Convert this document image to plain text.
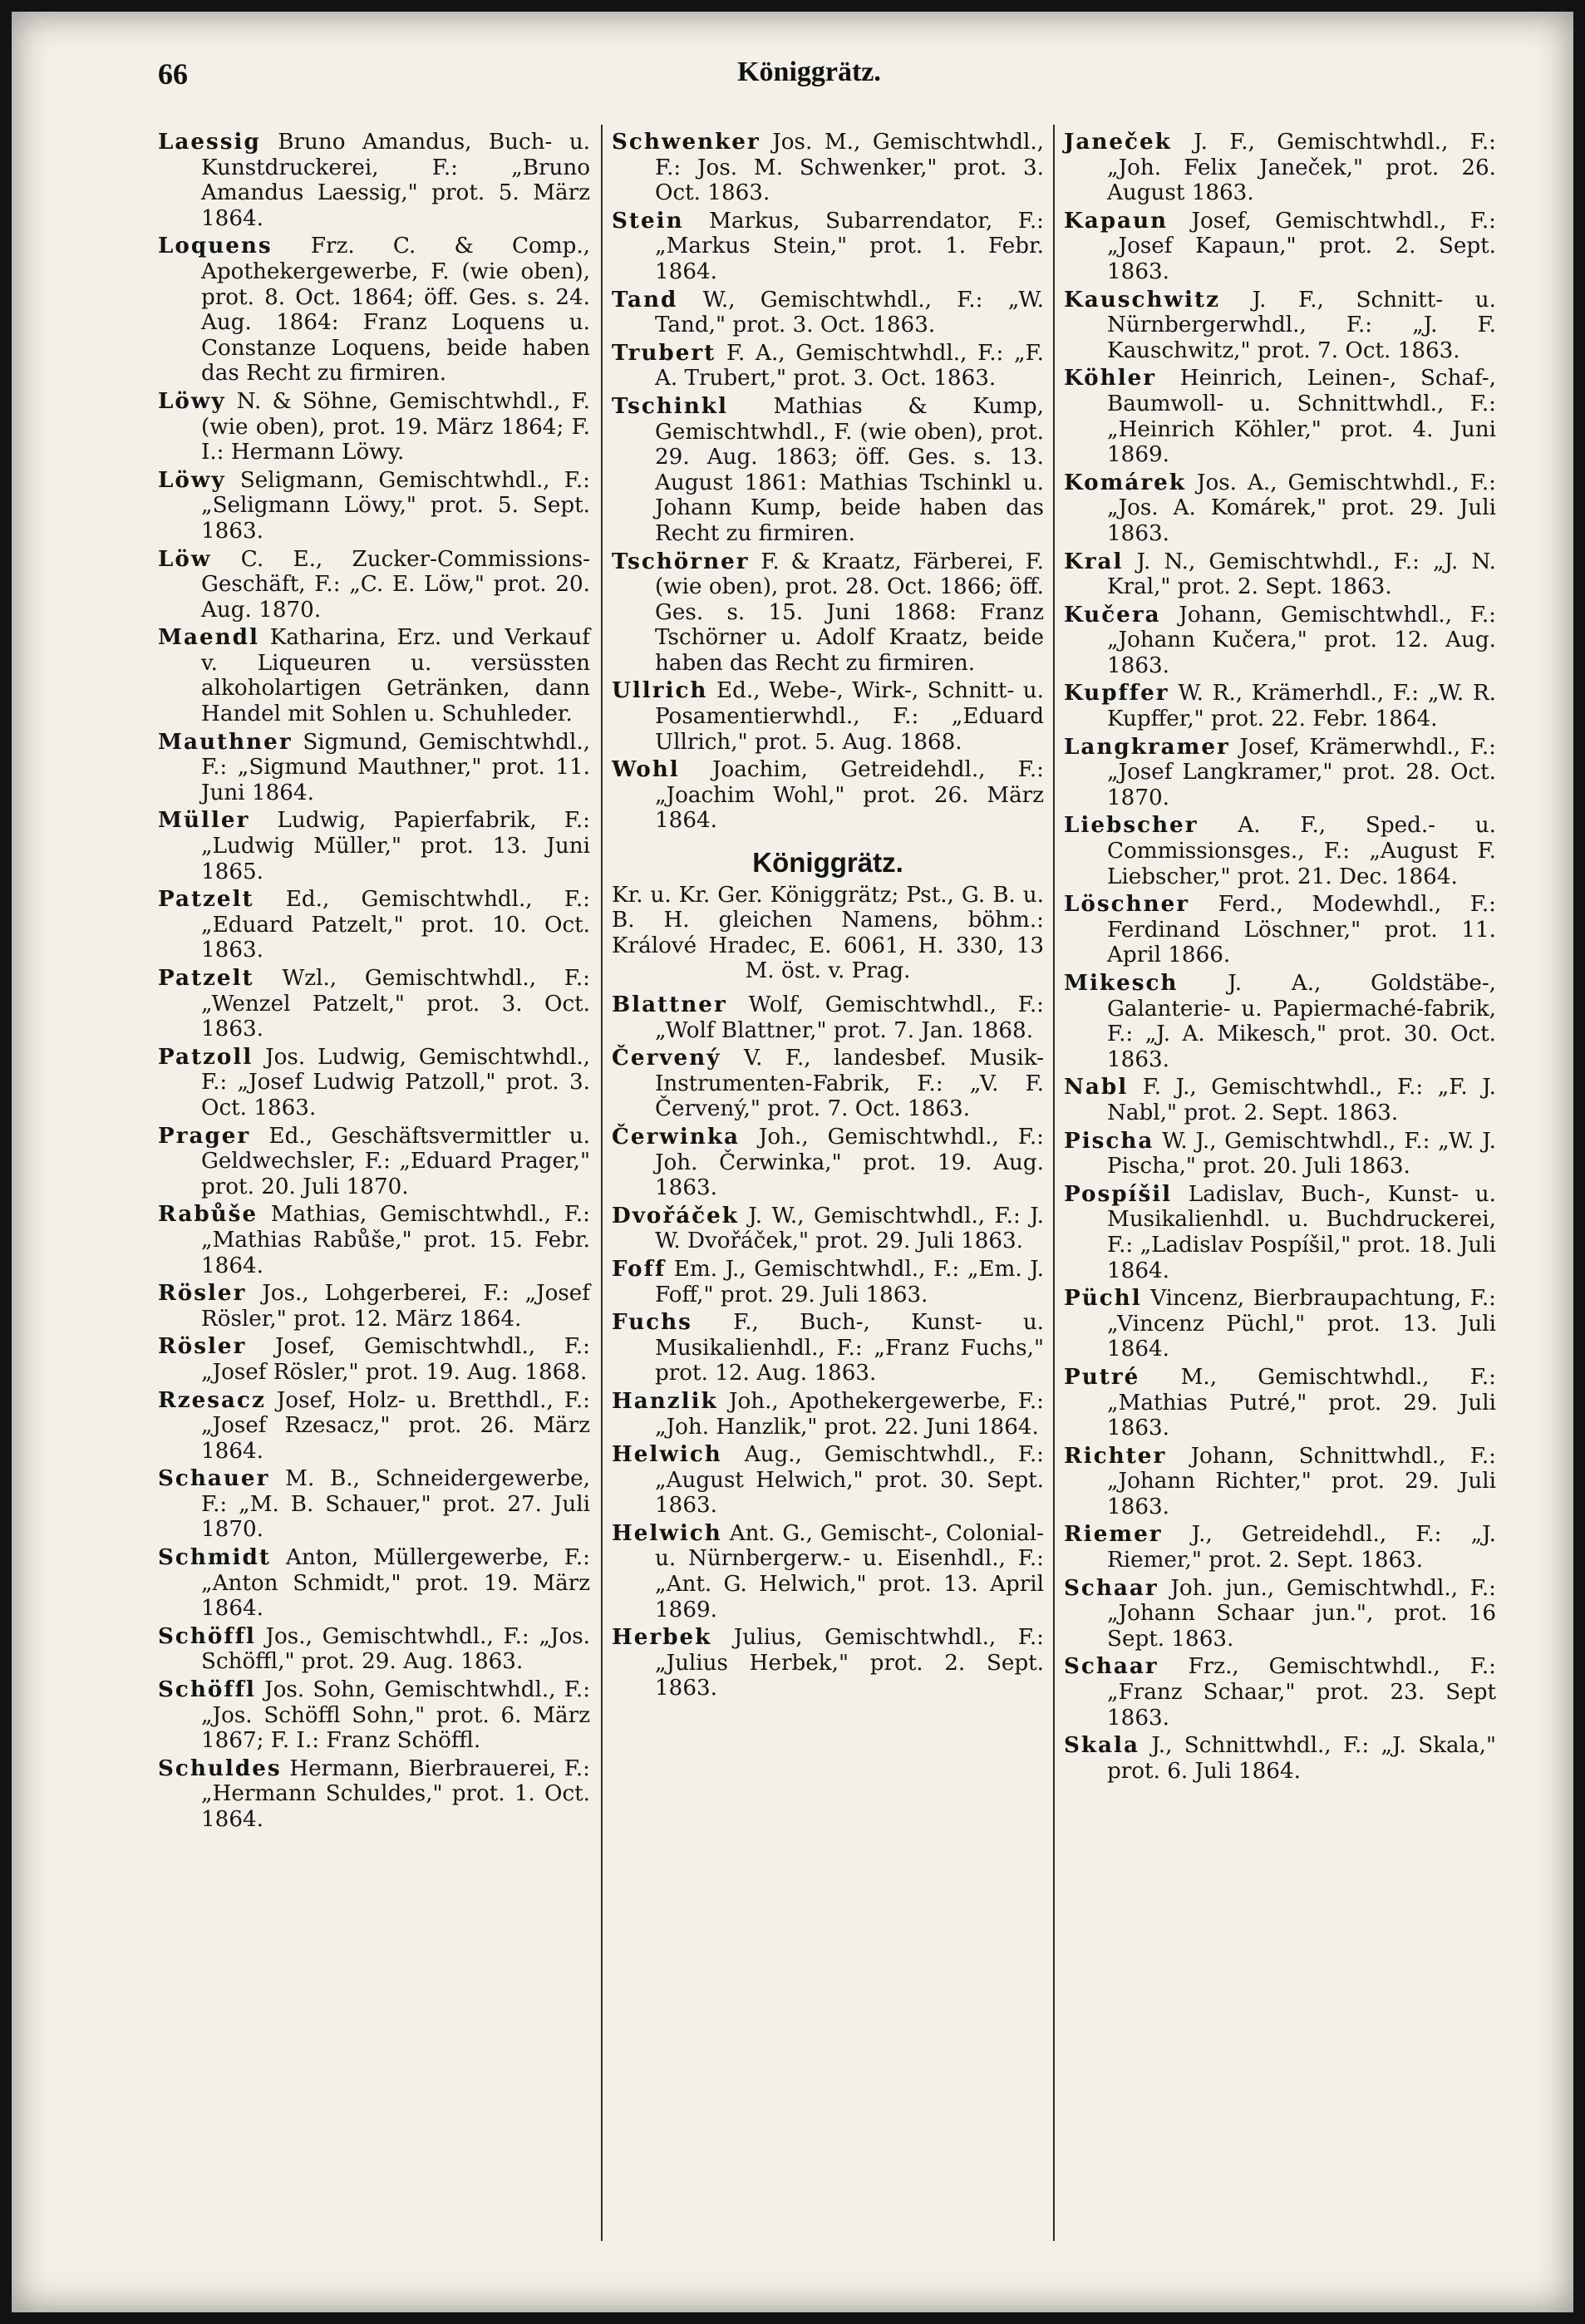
66	Königgrätz.

Laessig Bruno Amandus, Buch- u. Kunstdruckerei, F.: „Bruno Amandus Laessig," prot. 5. März 1864.

Loquens Frz. C. & Comp., Apothekergewerbe, F. (wie oben), prot. 8. Oct. 1864; öff. Ges. s. 24. Aug. 1864: Franz Loquens u. Constanze Loquens, beide haben das Recht zu firmiren.

Löwy N. & Söhne, Gemischtwhdl., F. (wie oben), prot. 19. März 1864; F. I.: Hermann Löwy.

Löwy Seligmann, Gemischtwhdl., F.: „Seligmann Löwy," prot. 5. Sept. 1863.

Löw C. E., Zucker-Commissions-Geschäft, F.: „C. E. Löw," prot. 20. Aug. 1870.

Maendl Katharina, Erz. und Verkauf v. Liqueuren u. versüssten alkoholartigen Getränken, dann Handel mit Sohlen u. Schuhleder.

Mauthner Sigmund, Gemischtwhdl., F.: „Sigmund Mauthner," prot. 11. Juni 1864.

Müller Ludwig, Papierfabrik, F.: „Ludwig Müller," prot. 13. Juni 1865.

Patzelt Ed., Gemischtwhdl., F.: „Eduard Patzelt," prot. 10. Oct. 1863.

Patzelt Wzl., Gemischtwhdl., F.: „Wenzel Patzelt," prot. 3. Oct. 1863.

Patzoll Jos. Ludwig, Gemischtwhdl., F.: „Josef Ludwig Patzoll," prot. 3. Oct. 1863.

Prager Ed., Geschäftsvermittler u. Geldwechsler, F.: „Eduard Prager," prot. 20. Juli 1870.

Rabůše Mathias, Gemischtwhdl., F.: „Mathias Rabůše," prot. 15. Febr. 1864.

Rösler Jos., Lohgerberei, F.: „Josef Rösler," prot. 12. März 1864.

Rösler Josef, Gemischtwhdl., F.: „Josef Rösler," prot. 19. Aug. 1868.

Rzesacz Josef, Holz- u. Bretthdl., F.: „Josef Rzesacz," prot. 26. März 1864.

Schauer M. B., Schneidergewerbe, F.: „M. B. Schauer," prot. 27. Juli 1870.

Schmidt Anton, Müllergewerbe, F.: „Anton Schmidt," prot. 19. März 1864.

Schöffl Jos., Gemischtwhdl., F.: „Jos. Schöffl," prot. 29. Aug. 1863.

Schöffl Jos. Sohn, Gemischtwhdl., F.: „Jos. Schöffl Sohn," prot. 6. März 1867; F. I.: Franz Schöffl.

Schuldes Hermann, Bierbrauerei, F.: „Hermann Schuldes," prot. 1. Oct. 1864.

Schwenker Jos. M., Gemischtwhdl., F.: Jos. M. Schwenker," prot. 3. Oct. 1863.

Stein Markus, Subarrendator, F.: „Markus Stein," prot. 1. Febr. 1864.

Tand W., Gemischtwhdl., F.: „W. Tand," prot. 3. Oct. 1863.

Trubert F. A., Gemischtwhdl., F.: „F. A. Trubert," prot. 3. Oct. 1863.

Tschinkl Mathias & Kump, Gemischtwhdl., F. (wie oben), prot. 29. Aug. 1863; öff. Ges. s. 13. August 1861: Mathias Tschinkl u. Johann Kump, beide haben das Recht zu firmiren.

Tschörner F. & Kraatz, Färberei, F. (wie oben), prot. 28. Oct. 1866; öff. Ges. s. 15. Juni 1868: Franz Tschörner u. Adolf Kraatz, beide haben das Recht zu firmiren.

Ullrich Ed., Webe-, Wirk-, Schnitt- u. Posamentierwhdl., F.: „Eduard Ullrich," prot. 5. Aug. 1868.

Wohl Joachim, Getreidehdl., F.: „Joachim Wohl," prot. 26. März 1864.

Königgrätz.
Kr. u. Kr. Ger. Königgrätz; Pst., G. B. u. B. H. gleichen Namens, böhm.: Králové Hradec, E. 6061, H. 330, 13 M. öst. v. Prag.

Blattner Wolf, Gemischtwhdl., F.: „Wolf Blattner," prot. 7. Jan. 1868.

Červený V. F., landesbef. Musik-Instrumenten-Fabrik, F.: „V. F. Červený," prot. 7. Oct. 1863.

Čerwinka Joh., Gemischtwhdl., F.: Joh. Čerwinka," prot. 19. Aug. 1863.

Dvořáček J. W., Gemischtwhdl., F.: J. W. Dvořáček," prot. 29. Juli 1863.

Foff Em. J., Gemischtwhdl., F.: „Em. J. Foff," prot. 29. Juli 1863.

Fuchs F., Buch-, Kunst- u. Musikalienhdl., F.: „Franz Fuchs," prot. 12. Aug. 1863.

Hanzlik Joh., Apothekergewerbe, F.: „Joh. Hanzlik," prot. 22. Juni 1864.

Helwich Aug., Gemischtwhdl., F.: „August Helwich," prot. 30. Sept. 1863.

Helwich Ant. G., Gemischt-, Colonial- u. Nürnbergerw.- u. Eisenhdl., F.: „Ant. G. Helwich," prot. 13. April 1869.

Herbek Julius, Gemischtwhdl., F.: „Julius Herbek," prot. 2. Sept. 1863.

Janeček J. F., Gemischtwhdl., F.: „Joh. Felix Janeček," prot. 26. August 1863.

Kapaun Josef, Gemischtwhdl., F.: „Josef Kapaun," prot. 2. Sept. 1863.

Kauschwitz J. F., Schnitt- u. Nürnbergerwhdl., F.: „J. F. Kauschwitz," prot. 7. Oct. 1863.

Köhler Heinrich, Leinen-, Schaf-, Baumwoll- u. Schnittwhdl., F.: „Heinrich Köhler," prot. 4. Juni 1869.

Komárek Jos. A., Gemischtwhdl., F.: „Jos. A. Komárek," prot. 29. Juli 1863.

Kral J. N., Gemischtwhdl., F.: „J. N. Kral," prot. 2. Sept. 1863.

Kučera Johann, Gemischtwhdl., F.: „Johann Kučera," prot. 12. Aug. 1863.

Kupffer W. R., Krämerhdl., F.: „W. R. Kupffer," prot. 22. Febr. 1864.

Langkramer Josef, Krämerwhdl., F.: „Josef Langkramer," prot. 28. Oct. 1870.

Liebscher A. F., Sped.- u. Commissionsges., F.: „August F. Liebscher," prot. 21. Dec. 1864.

Löschner Ferd., Modewhdl., F.: Ferdinand Löschner," prot. 11. April 1866.

Mikesch J. A., Goldstäbe-, Galanterie- u. Papiermaché-fabrik, F.: „J. A. Mikesch," prot. 30. Oct. 1863.

Nabl F. J., Gemischtwhdl., F.: „F. J. Nabl," prot. 2. Sept. 1863.

Pischa W. J., Gemischtwhdl., F.: „W. J. Pischa," prot. 20. Juli 1863.

Pospíšil Ladislav, Buch-, Kunst- u. Musikalienhdl. u. Buchdruckerei, F.: „Ladislav Pospíšil," prot. 18. Juli 1864.

Püchl Vincenz, Bierbraupachtung, F.: „Vincenz Püchl," prot. 13. Juli 1864.

Putré M., Gemischtwhdl., F.: „Mathias Putré," prot. 29. Juli 1863.

Richter Johann, Schnittwhdl., F.: „Johann Richter," prot. 29. Juli 1863.

Riemer J., Getreidehdl., F.: „J. Riemer," prot. 2. Sept. 1863.

Schaar Joh. jun., Gemischtwhdl., F.: „Johann Schaar jun.", prot. 16 Sept. 1863.

Schaar Frz., Gemischtwhdl., F.: „Franz Schaar," prot. 23. Sept 1863.

Skala J., Schnittwhdl., F.: „J. Skala," prot. 6. Juli 1864.
